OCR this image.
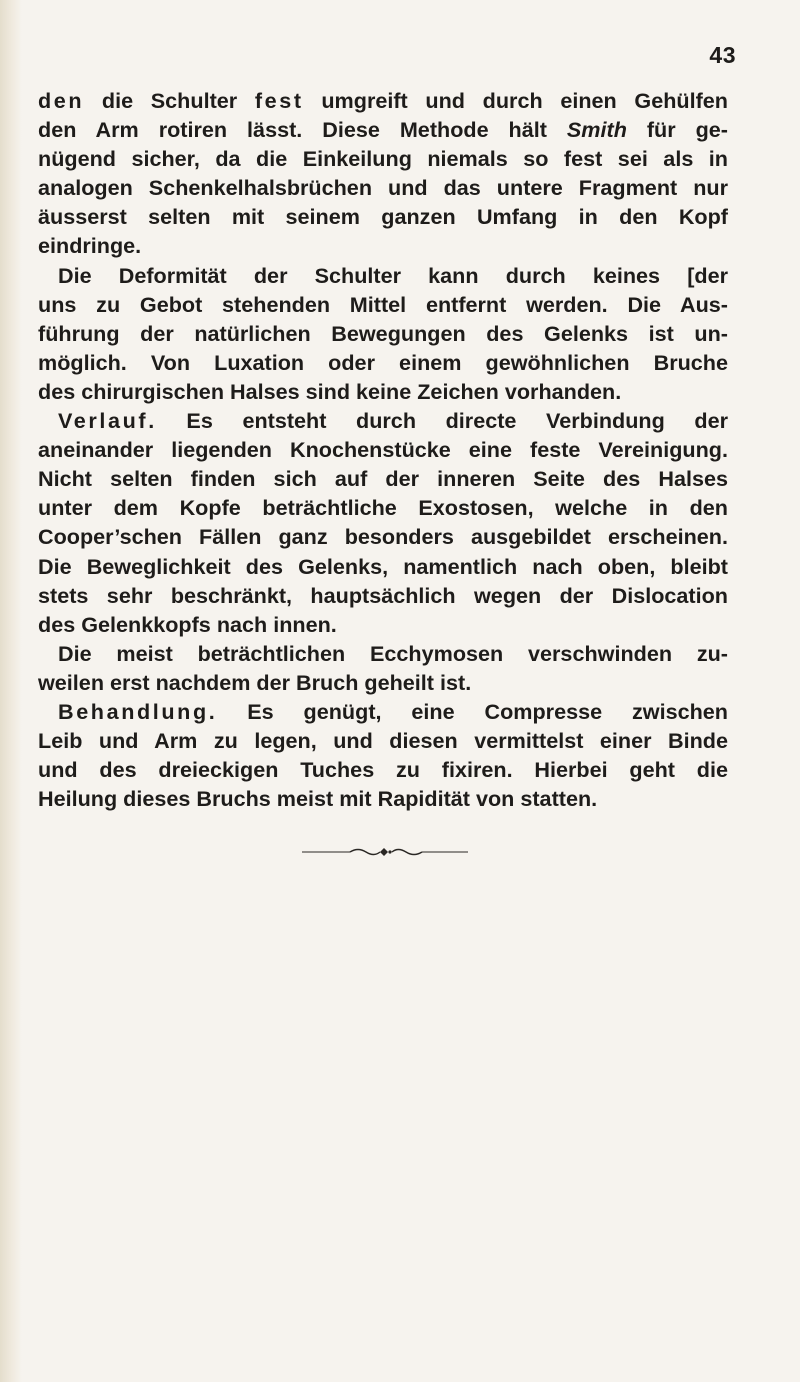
43
den die Schulter fest umgreift und durch einen Gehülfen
den Arm rotiren lässt. Diese Methode hält Smith für ge-
nügend sicher, da die Einkeilung niemals so fest sei als in
analogen Schenkelhalsbrüchen und das untere Fragment nur
äusserst selten mit seinem ganzen Umfang in den Kopf
eindringe.
Die Deformität der Schulter kann durch keines [der
uns zu Gebot stehenden Mittel entfernt werden. Die Aus-
führung der natürlichen Bewegungen des Gelenks ist un-
möglich. Von Luxation oder einem gewöhnlichen Bruche
des chirurgischen Halses sind keine Zeichen vorhanden.
Verlauf. Es entsteht durch directe Verbindung der
aneinander liegenden Knochenstücke eine feste Vereinigung.
Nicht selten finden sich auf der inneren Seite des Halses
unter dem Kopfe beträchtliche Exostosen, welche in den
Cooper’schen Fällen ganz besonders ausgebildet erscheinen.
Die Beweglichkeit des Gelenks, namentlich nach oben, bleibt
stets sehr beschränkt, hauptsächlich wegen der Dislocation
des Gelenkkopfs nach innen.
Die meist beträchtlichen Ecchymosen verschwinden zu-
weilen erst nachdem der Bruch geheilt ist.
Behandlung. Es genügt, eine Compresse zwischen
Leib und Arm zu legen, und diesen vermittelst einer Binde
und des dreieckigen Tuches zu fixiren. Hierbei geht die
Heilung dieses Bruchs meist mit Rapidität von statten.
